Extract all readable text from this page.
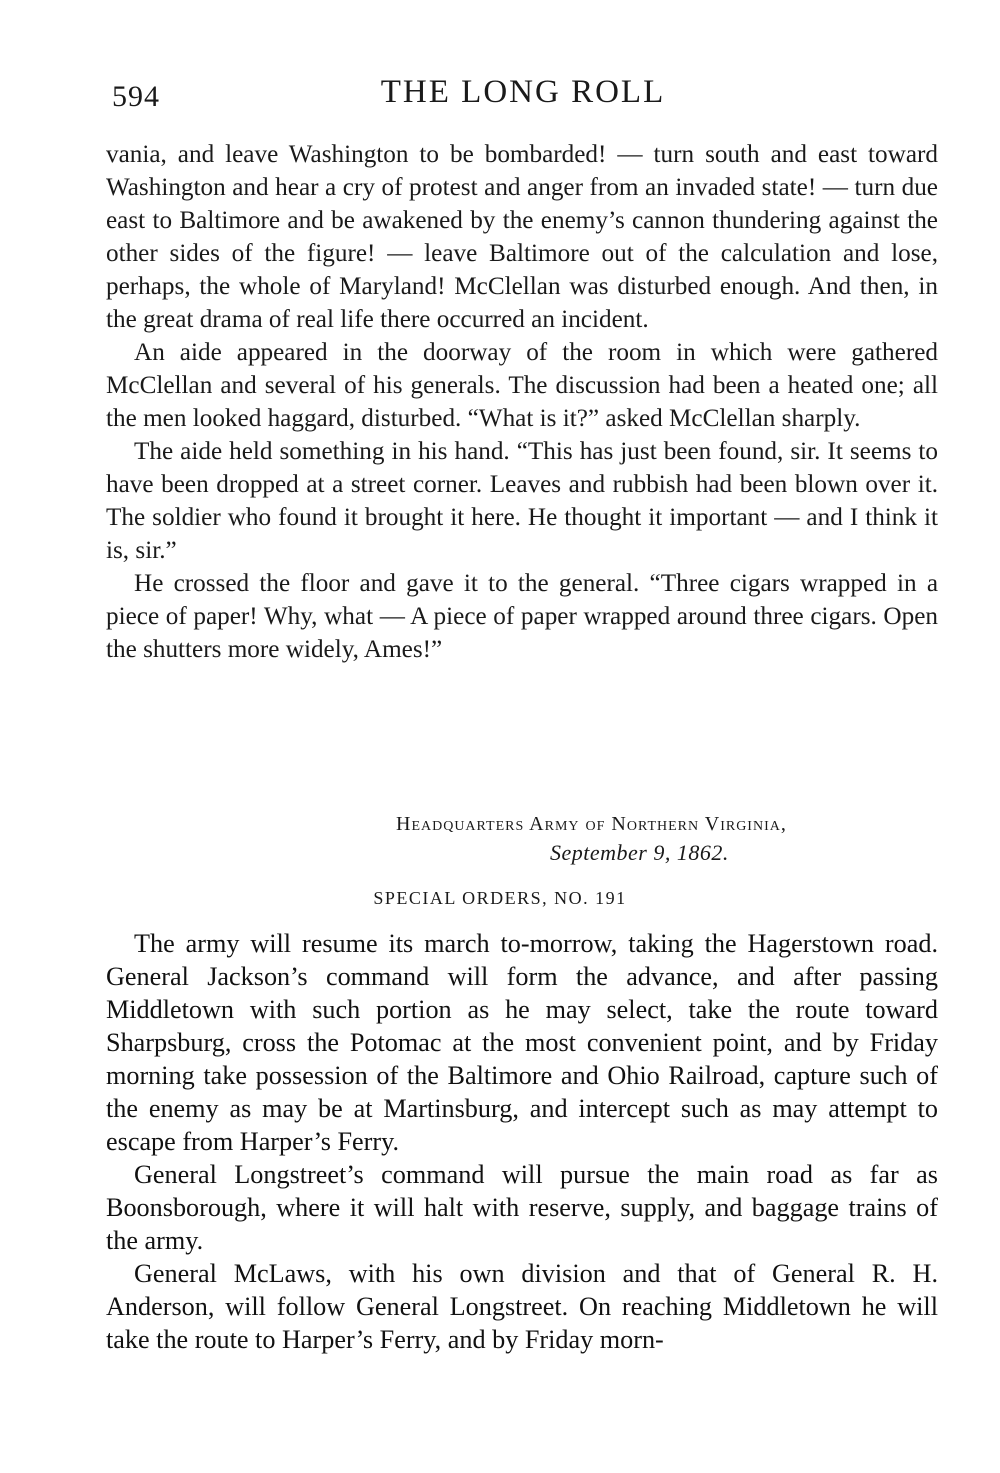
594	THE LONG ROLL

vania, and leave Washington to be bombarded! — turn south and east toward Washington and hear a cry of protest and anger from an invaded state! — turn due east to Baltimore and be awakened by the enemy’s cannon thundering against the other sides of the figure! — leave Baltimore out of the calculation and lose, perhaps, the whole of Maryland! McClellan was disturbed enough. And then, in the great drama of real life there occurred an incident.

An aide appeared in the doorway of the room in which were gathered McClellan and several of his generals. The discussion had been a heated one; all the men looked haggard, disturbed. “What is it?” asked McClellan sharply.

The aide held something in his hand. “This has just been found, sir. It seems to have been dropped at a street corner. Leaves and rubbish had been blown over it. The soldier who found it brought it here. He thought it important — and I think it is, sir.”

He crossed the floor and gave it to the general. “Three cigars wrapped in a piece of paper! Why, what — A piece of paper wrapped around three cigars. Open the shutters more widely, Ames!”

Headquarters Army of Northern Virginia,
September 9, 1862.
SPECIAL ORDERS, NO. 191

The army will resume its march to-morrow, taking the Hagerstown road. General Jackson’s command will form the advance, and after passing Middletown with such portion as he may select, take the route toward Sharpsburg, cross the Potomac at the most convenient point, and by Friday morning take possession of the Baltimore and Ohio Railroad, capture such of the enemy as may be at Martinsburg, and intercept such as may attempt to escape from Harper’s Ferry.

General Longstreet’s command will pursue the main road as far as Boonsborough, where it will halt with reserve, supply, and baggage trains of the army.

General McLaws, with his own division and that of General R. H. Anderson, will follow General Longstreet. On reaching Middletown he will take the route to Harper’s Ferry, and by Friday morn-
